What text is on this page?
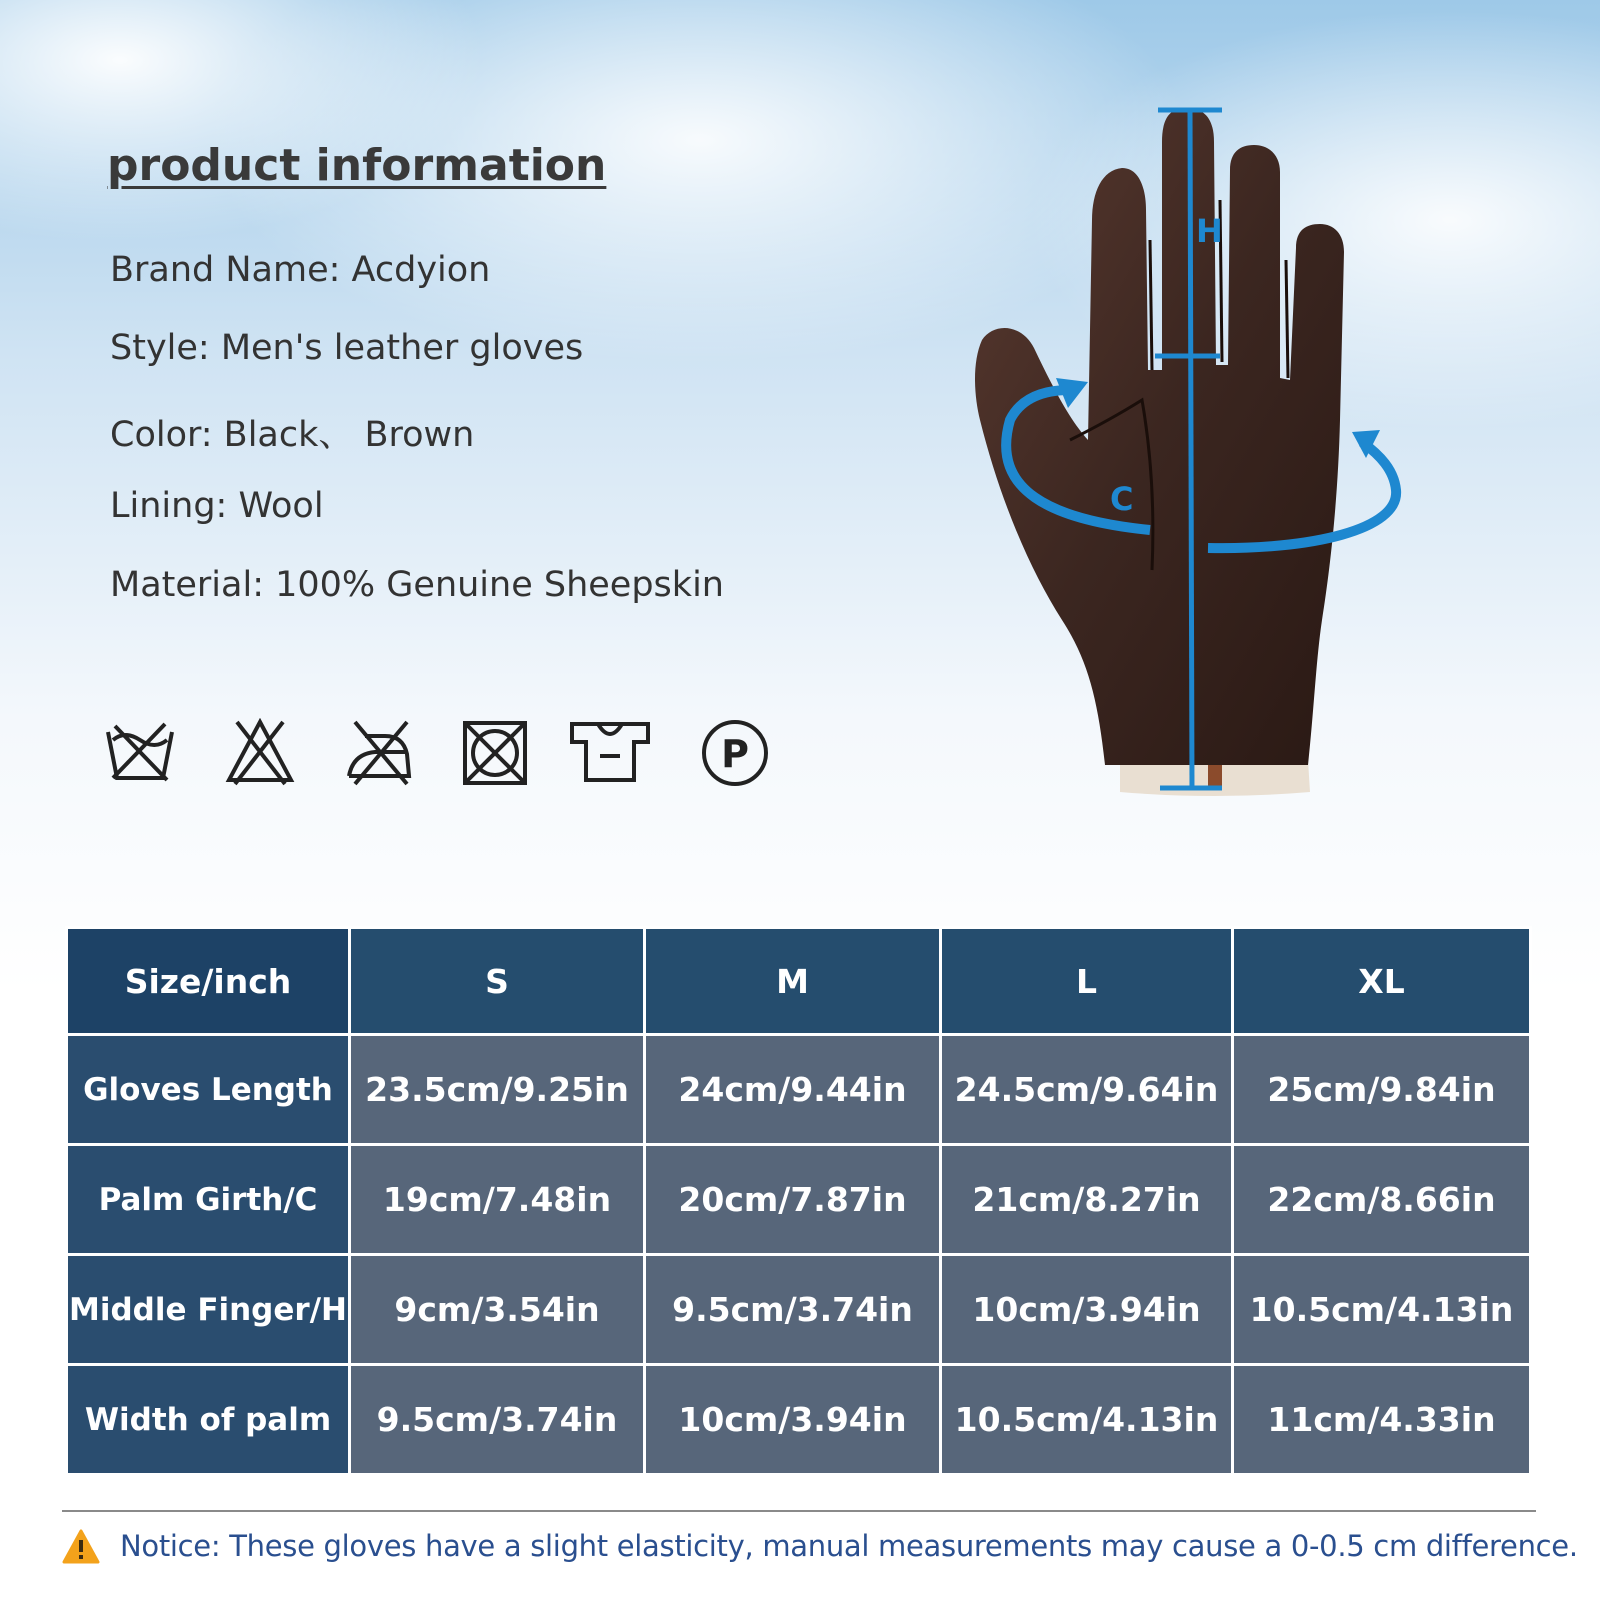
product information
Brand Name: Acdyion
Style: Men's leather gloves
Color: Black、 Brown
Lining: Wool
Material: 100% Genuine Sheepskin
P
H
C
Size/inch	S	M	L	XL
Gloves Length	23.5cm/9.25in	24cm/9.44in	24.5cm/9.64in	25cm/9.84in
Palm Girth/C	19cm/7.48in	20cm/7.87in	21cm/8.27in	22cm/8.66in
Middle Finger/H	9cm/3.54in	9.5cm/3.74in	10cm/3.94in	10.5cm/4.13in
Width of palm	9.5cm/3.74in	10cm/3.94in	10.5cm/4.13in	11cm/4.33in
Notice: These gloves have a slight elasticity, manual measurements may cause a 0-0.5 cm difference.
